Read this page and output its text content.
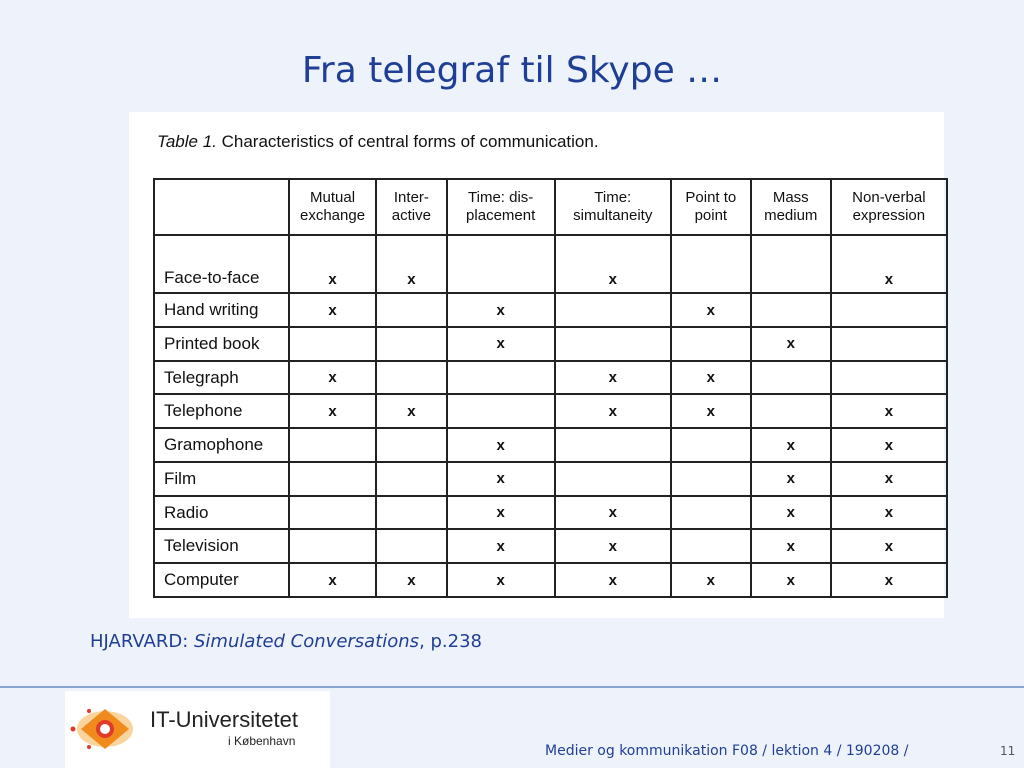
Fra telegraf til Skype …
Table 1. Characteristics of central forms of communication.
	Mutual exchange	Inter- active	Time: dis- placement	Time: simultaneity	Point to point	Mass medium	Non-verbal expression
Face-to-face	x	x		x			x
Hand writing	x		x		x		
Printed book			x			x	
Telegraph	x			x	x		
Telephone	x	x		x	x		x
Gramophone			x			x	x
Film			x			x	x
Radio			x	x		x	x
Television			x	x		x	x
Computer	x	x	x	x	x	x	x
HJARVARD: Simulated Conversations, p.238
IT-Universitetet
i København
Medier og kommunikation F08 / lektion 4 / 190208 /	11
